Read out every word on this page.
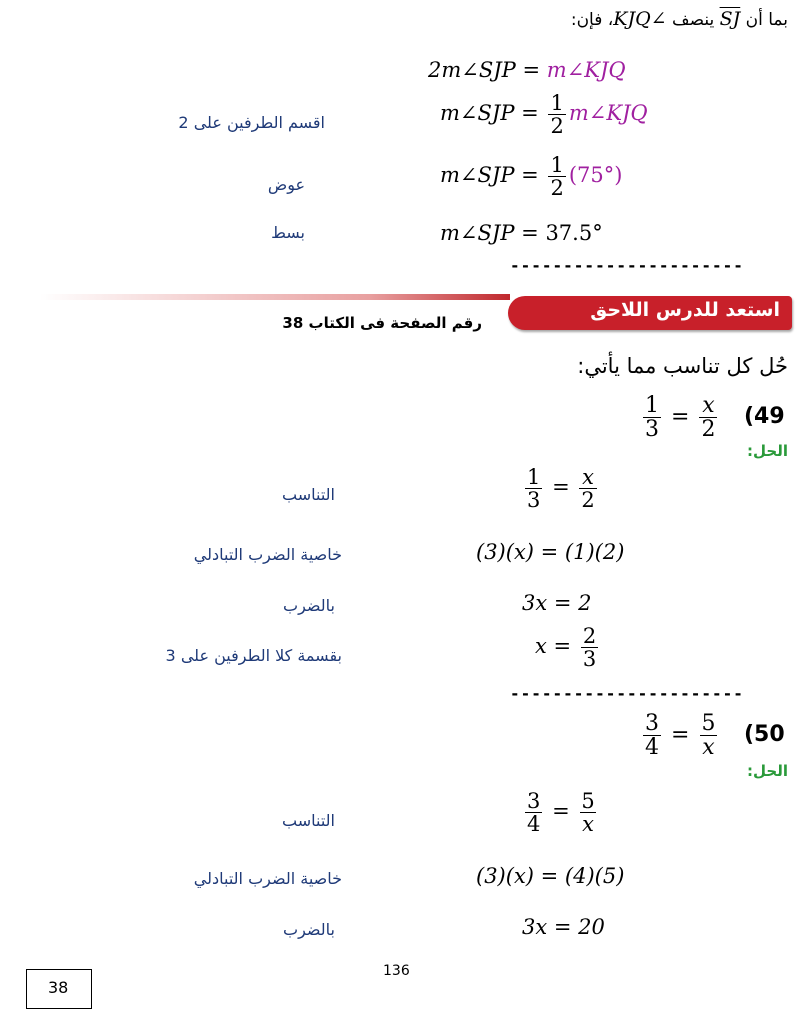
بما أن SJ ينصف ∠KJQ، فإن:
2m∠SJP = m∠KJQ
m∠SJP = $\frac{1}{2}$ m∠KJQ
اقسم الطرفين على 2
m∠SJP = $\frac{1}{2} (75^\circ)$
عوض
m∠SJP = 37.5°
بسط
----------------------
استعد للدرس اللاحق
رقم الصفحة فى الكتاب 38
حُل كل تناسب مما يأتي:
$\frac{1}{3} = \frac{x}{2} (49$
الحل:
$\frac{1}{3} = \frac{x}{2}$
التناسب
(3)(x) = (1)(2)
خاصية الضرب التبادلي
3x = 2
بالضرب
$x = \frac{2}{3}$
بقسمة كلا الطرفين على 3
----------------------
$\frac{3}{4} = \frac{5}{x} (50$
الحل:
$\frac{3}{4} = \frac{5}{x}$
التناسب
(3)(x) = (4)(5)
خاصية الضرب التبادلي
3x = 20
بالضرب
136
38
